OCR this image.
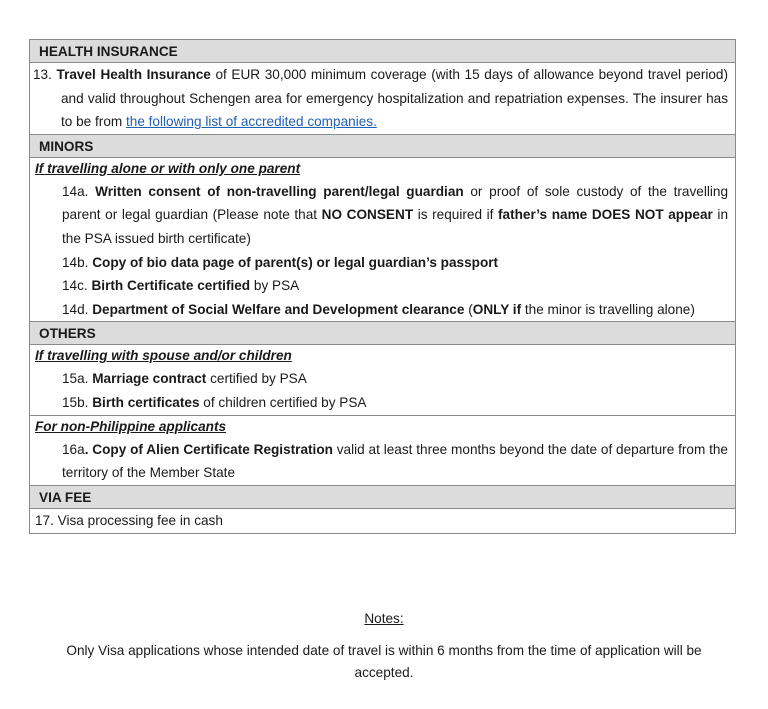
HEALTH INSURANCE
13. Travel Health Insurance of EUR 30,000 minimum coverage (with 15 days of allowance beyond travel period) and valid throughout Schengen area for emergency hospitalization and repatriation expenses. The insurer has to be from the following list of accredited companies.
MINORS
If travelling alone or with only one parent
14a. Written consent of non-travelling parent/legal guardian or proof of sole custody of the travelling parent or legal guardian (Please note that NO CONSENT is required if father’s name DOES NOT appear in the PSA issued birth certificate)
14b. Copy of bio data page of parent(s) or legal guardian’s passport
14c. Birth Certificate certified by PSA
14d. Department of Social Welfare and Development clearance (ONLY if the minor is travelling alone)
OTHERS
If travelling with spouse and/or children
15a. Marriage contract certified by PSA
15b. Birth certificates of children certified by PSA
For non-Philippine applicants
16a. Copy of Alien Certificate Registration valid at least three months beyond the date of departure from the territory of the Member State
VIA FEE
17. Visa processing fee in cash
Notes:
Only Visa applications whose intended date of travel is within 6 months from the time of application will be accepted.
